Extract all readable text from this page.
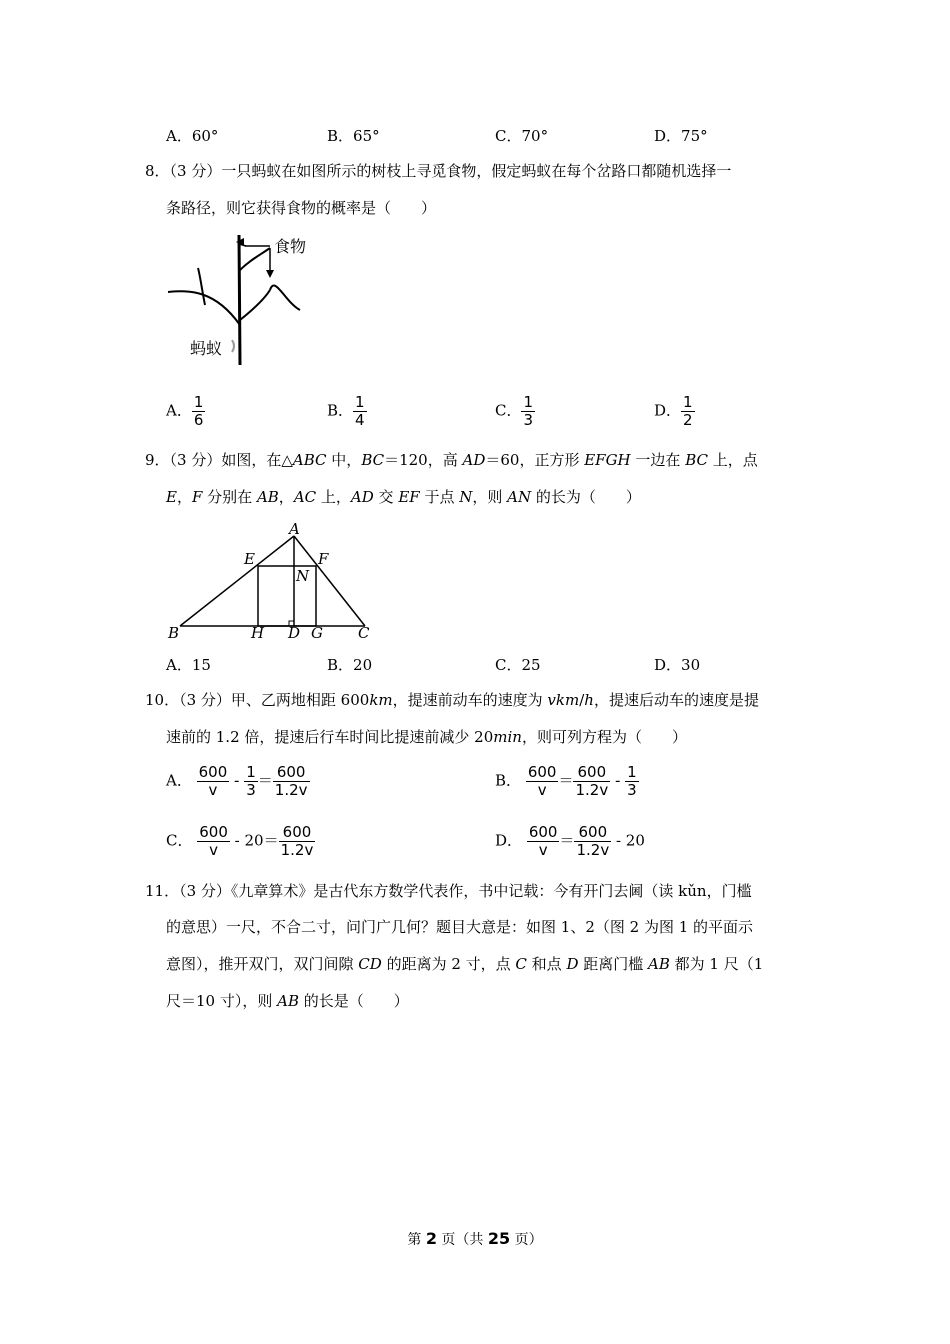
A．60°	B．65°	C．70°	D．75°
8．（3 分）一只蚂蚁在如图所示的树枝上寻觅食物，假定蚂蚁在每个岔路口都随机选择一
条路径，则它获得食物的概率是（　　）
食物
蚂蚁
A． $\frac{1}{6}$	B． $\frac{1}{4}$	C． $\frac{1}{3}$	D． $\frac{1}{2}$
9．（3 分）如图，在△ABC 中，BC＝120，高 AD＝60，正方形 EFGH 一边在 BC 上，点
E，F 分别在 AB，AC 上，AD 交 EF 于点 N，则 AN 的长为（　　）
A
B	C
D
E	F
G
H
N
A．15	B．20	C．25	D．30
10．（3 分）甲、乙两地相距 600km，提速前动车的速度为 vkm/h，提速后动车的速度是提
速前的 1.2 倍，提速后行车时间比提速前减少 20min，则可列方程为（　　）
A． $\frac{600}{v} - \frac{1}{3} = \frac{600}{1.2v}$	B． $\frac{600}{v} = \frac{600}{1.2v} - \frac{1}{3}$
C． $\frac{600}{v} - 20= \frac{600}{1.2v}$	D． $\frac{600}{v} = \frac{600}{1.2v} - 20$
11．（3 分）《九章算术》是古代东方数学代表作，书中记载：今有开门去阃（读 kǔn，门槛
的意思）一尺，不合二寸，问门广几何？题目大意是：如图 1、2（图 2 为图 1 的平面示
意图），推开双门，双门间隙 CD 的距离为 2 寸，点 C 和点 D 距离门槛 AB 都为 1 尺（1
尺＝10 寸），则 AB 的长是（　　）
第 2 页（共 25 页）
